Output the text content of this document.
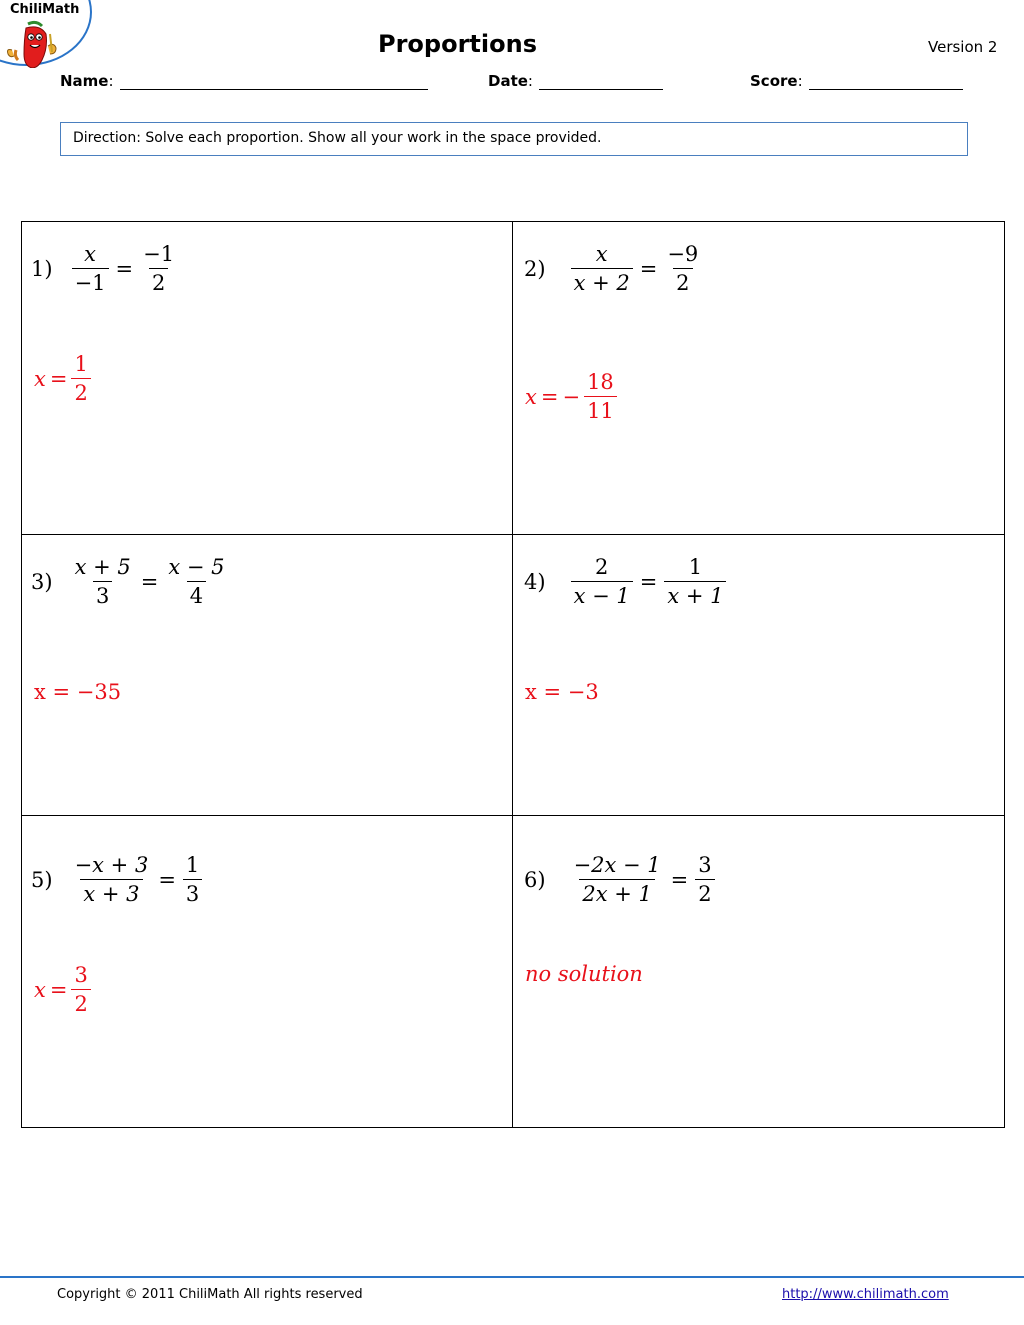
ChiliMath
Proportions	Version 2
Name:	Date:	Score:
Direction: Solve each proportion. Show all your work in the space provided.
$1) \frac{x}{-1} = \frac{-1}{2}$
$x = \frac{1}{2}$
$2) \frac{x}{x + 2} = \frac{-9}{2}$
x = − $\frac{18}{11}$
$3) \frac{x + 5}{3} = \frac{x - 5}{4}$
x = −35
$4) \frac{2}{x - 1} = \frac{1}{x + 1}$
x = −3
$5) \frac{-x + 3}{x + 3} = \frac{1}{3}$
$x = \frac{3}{2}$
$6) \frac{-2x - 1}{2x + 1} = \frac{3}{2}$
no solution
Copyright © 2011 ChiliMath All rights reserved	http://www.chilimath.com
